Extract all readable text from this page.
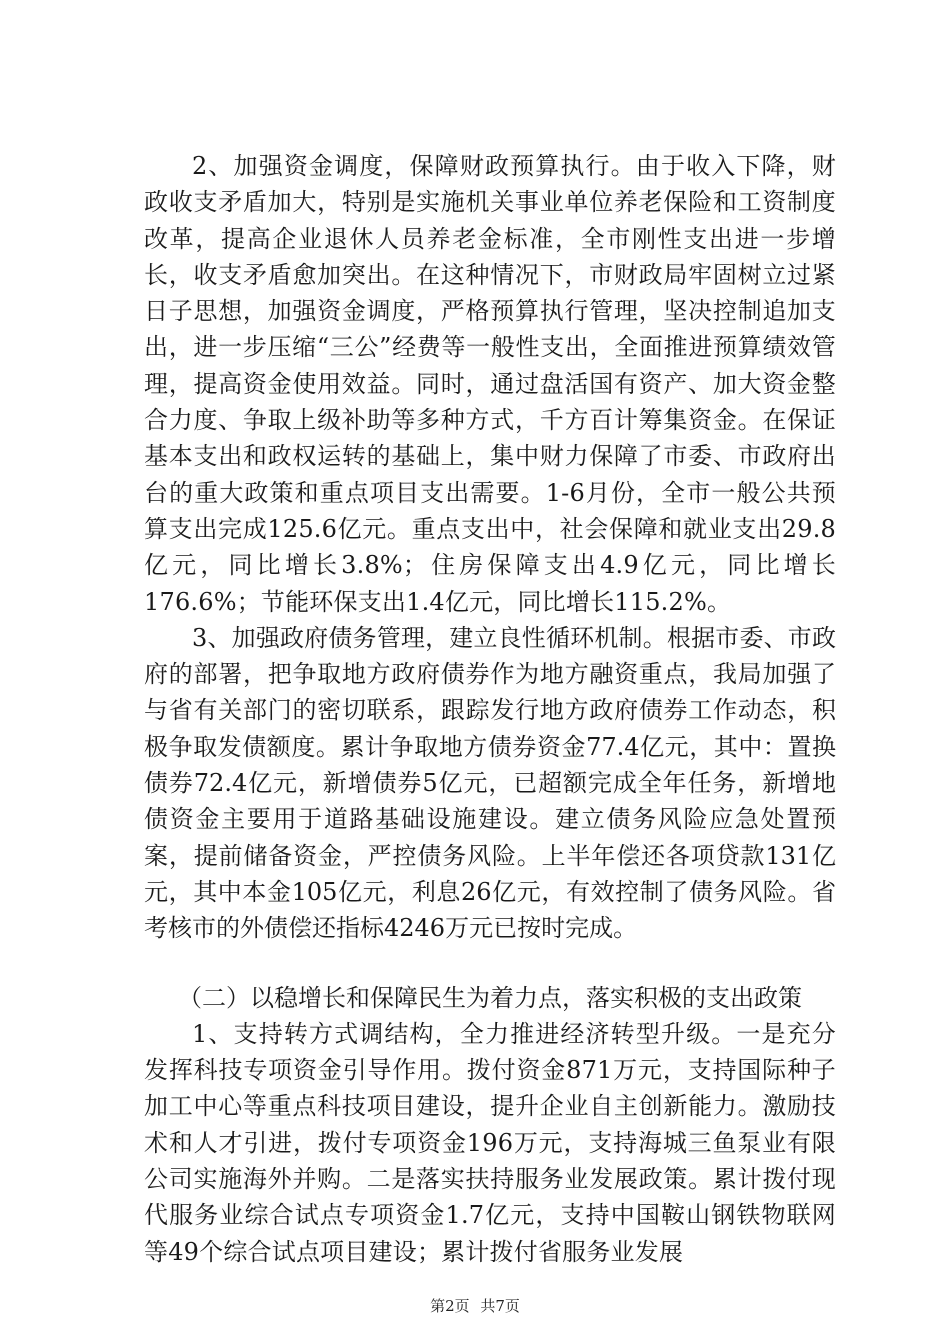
2、加强资金调度，保障财政预算执行。由于收入下降，财政收支矛盾加大，特别是实施机关事业单位养老保险和工资制度改革，提高企业退休人员养老金标准，全市刚性支出进一步增长，收支矛盾愈加突出。在这种情况下，市财政局牢固树立过紧日子思想，加强资金调度，严格预算执行管理，坚决控制追加支出，进一步压缩“三公”经费等一般性支出，全面推进预算绩效管理，提高资金使用效益。同时，通过盘活国有资产、加大资金整合力度、争取上级补助等多种方式，千方百计筹集资金。在保证基本支出和政权运转的基础上，集中财力保障了市委、市政府出台的重大政策和重点项目支出需要。1-6月份，全市一般公共预算支出完成125.6亿元。重点支出中，社会保障和就业支出29.8亿元，同比增长3.8%；住房保障支出4.9亿元，同比增长176.6%；节能环保支出1.4亿元，同比增长115.2%。

3、加强政府债务管理，建立良性循环机制。根据市委、市政府的部署，把争取地方政府债券作为地方融资重点，我局加强了与省有关部门的密切联系，跟踪发行地方政府债券工作动态，积极争取发债额度。累计争取地方债券资金77.4亿元，其中：置换债券72.4亿元，新增债券5亿元，已超额完成全年任务，新增地债资金主要用于道路基础设施建设。建立债务风险应急处置预案，提前储备资金，严控债务风险。上半年偿还各项贷款131亿元，其中本金105亿元，利息26亿元，有效控制了债务风险。省考核市的外债偿还指标4246万元已按时完成。

（二）以稳增长和保障民生为着力点，落实积极的支出政策

1、支持转方式调结构，全力推进经济转型升级。一是充分发挥科技专项资金引导作用。拨付资金871万元，支持国际种子加工中心等重点科技项目建设，提升企业自主创新能力。激励技术和人才引进，拨付专项资金196万元，支持海城三鱼泵业有限公司实施海外并购。二是落实扶持服务业发展政策。累计拨付现代服务业综合试点专项资金1.7亿元，支持中国鞍山钢铁物联网等49个综合试点项目建设；累计拨付省服务业发展

第2页 共7页
